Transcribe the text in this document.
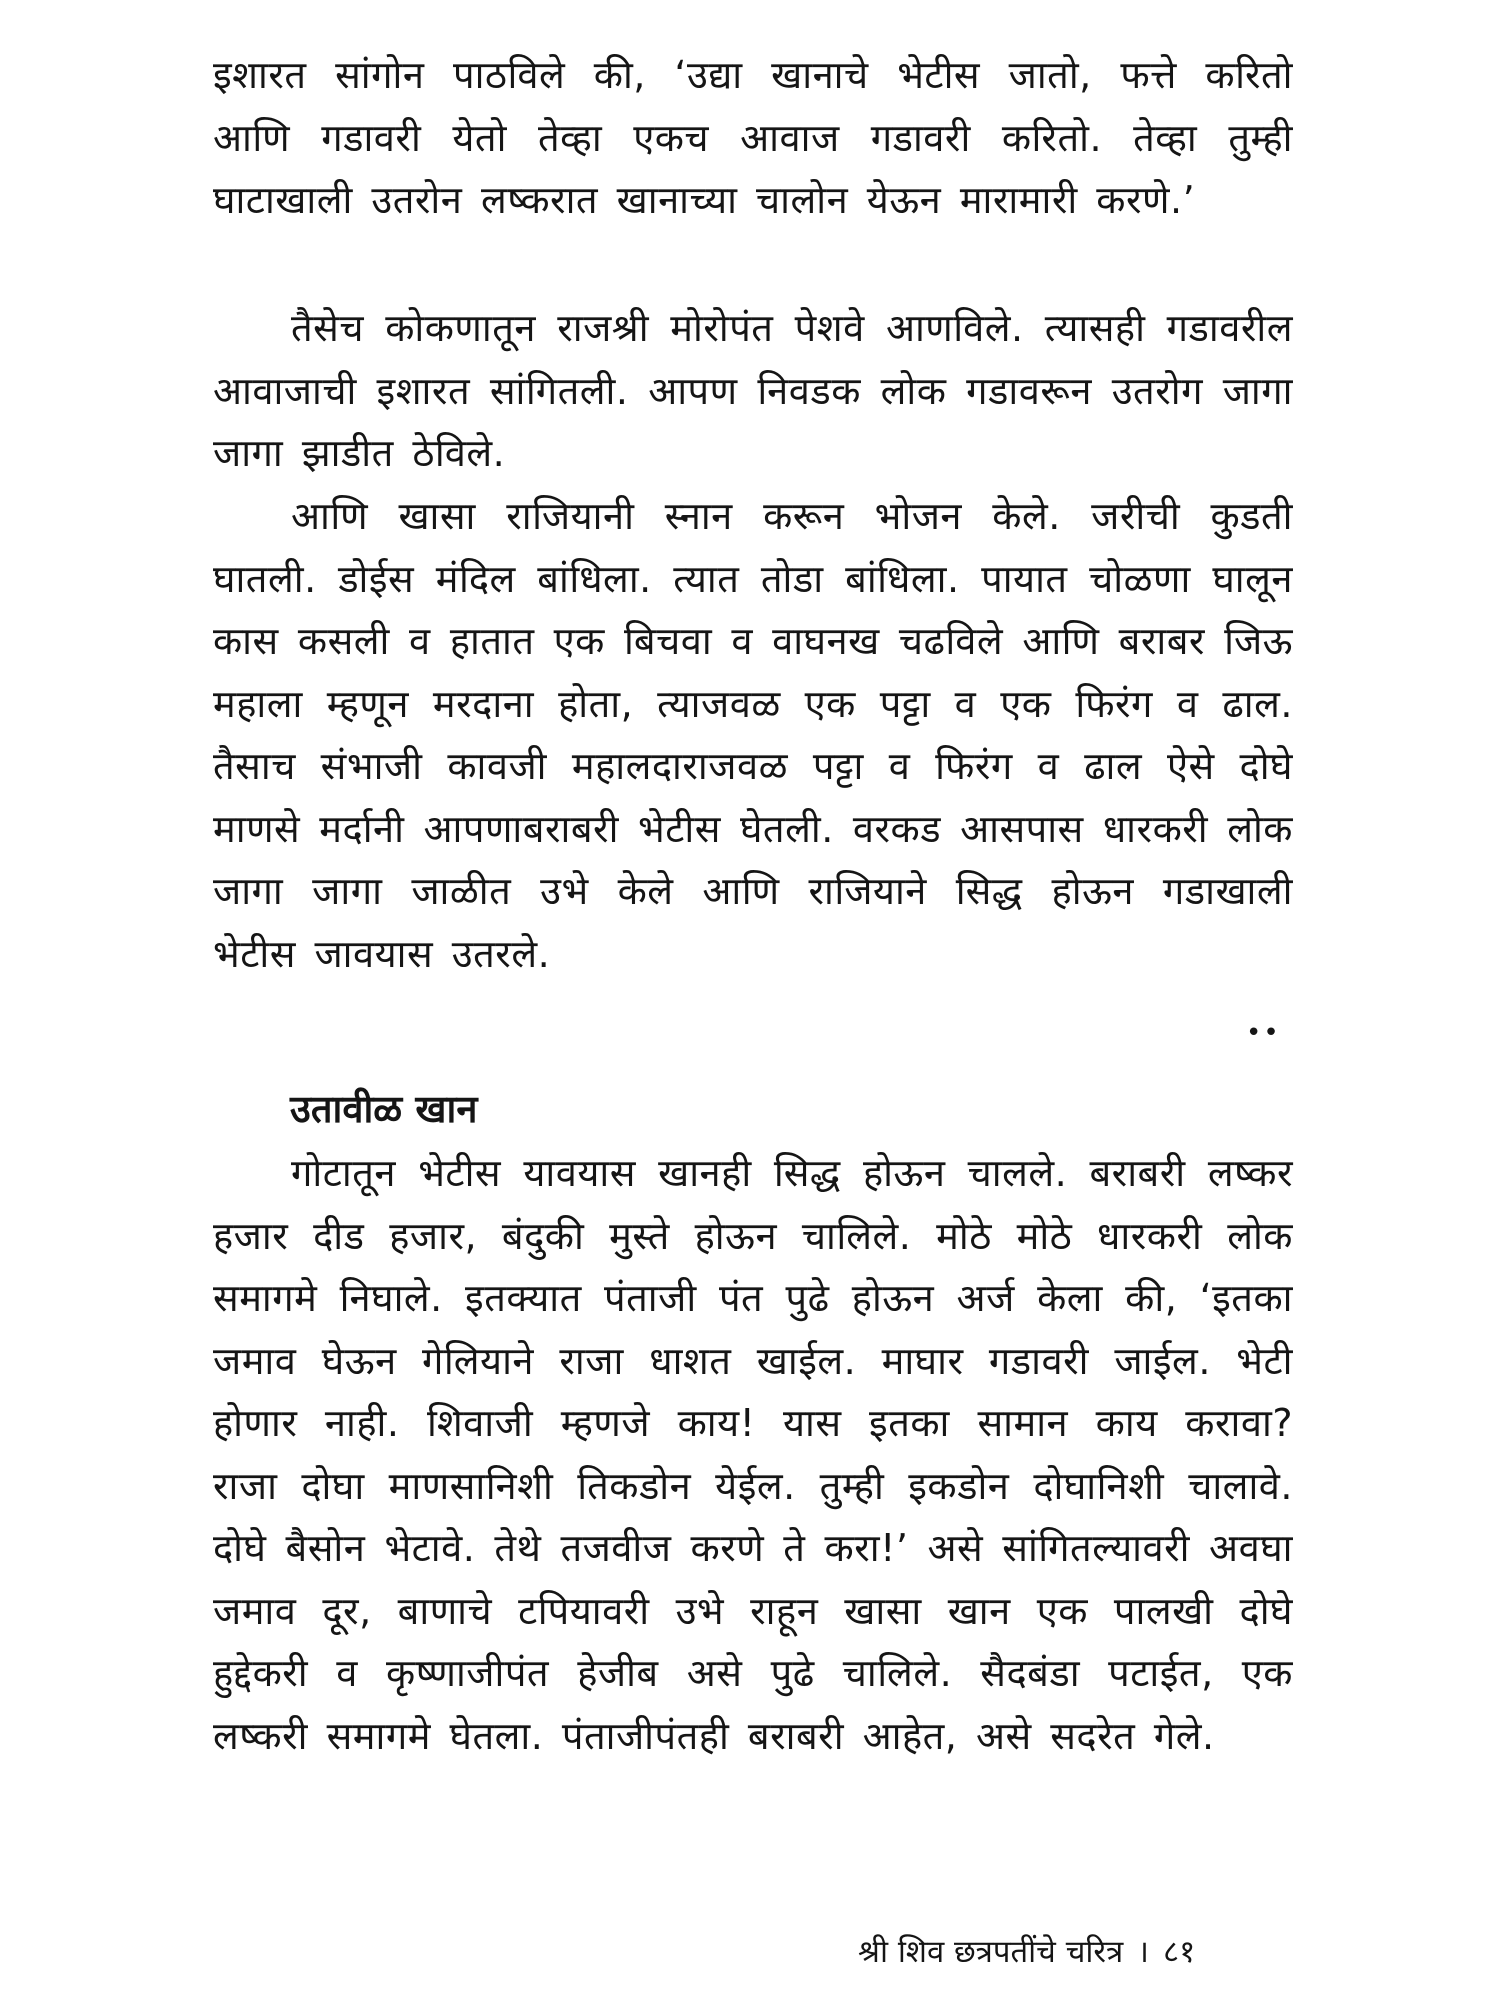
इशारत सांगोन पाठविले की, ‘उद्या खानाचे भेटीस जातो, फत्ते करितो आणि गडावरी येतो तेव्हा एकच आवाज गडावरी करितो. तेव्हा तुम्ही घाटाखाली उतरोन लष्करात खानाच्या चालोन येऊन मारामारी करणे.’

तैसेच कोकणातून राजश्री मोरोपंत पेशवे आणविले. त्यासही गडावरील आवाजाची इशारत सांगितली. आपण निवडक लोक गडावरून उतरोग जागा जागा झाडीत ठेविले.

आणि खासा राजियानी स्नान करून भोजन केले. जरीची कुडती घातली. डोईस मंदिल बांधिला. त्यात तोडा बांधिला. पायात चोळणा घालून कास कसली व हातात एक बिचवा व वाघनख चढविले आणि बराबर जिऊ महाला म्हणून मरदाना होता, त्याजवळ एक पट्टा व एक फिरंग व ढाल. तैसाच संभाजी कावजी महालदाराजवळ पट्टा व फिरंग व ढाल ऐसे दोघे माणसे मर्दानी आपणाबराबरी भेटीस घेतली. वरकड आसपास धारकरी लोक जागा जागा जाळीत उभे केले आणि राजियाने सिद्ध होऊन गडाखाली भेटीस जावयास उतरले.

••
उतावीळ खान

गोटातून भेटीस यावयास खानही सिद्ध होऊन चालले. बराबरी लष्कर हजार दीड हजार, बंदुकी मुस्ते होऊन चालिले. मोठे मोठे धारकरी लोक समागमे निघाले. इतक्यात पंताजी पंत पुढे होऊन अर्ज केला की, ‘इतका जमाव घेऊन गेलियाने राजा धाशत खाईल. माघार गडावरी जाईल. भेटी होणार नाही. शिवाजी म्हणजे काय! यास इतका सामान काय करावा? राजा दोघा माणसानिशी तिकडोन येईल. तुम्ही इकडोन दोघानिशी चालावे. दोघे बैसोन भेटावे. तेथे तजवीज करणे ते करा!’ असे सांगितल्यावरी अवघा जमाव दूर, बाणाचे टपियावरी उभे राहून खासा खान एक पालखी दोघे हुद्देकरी व कृष्णाजीपंत हेजीब असे पुढे चालिले. सैदबंडा पटाईत, एक लष्करी समागमे घेतला. पंताजीपंतही बराबरी आहेत, असे सदरेत गेले.

श्री शिव छत्रपतींचे चरित्र । ८१
